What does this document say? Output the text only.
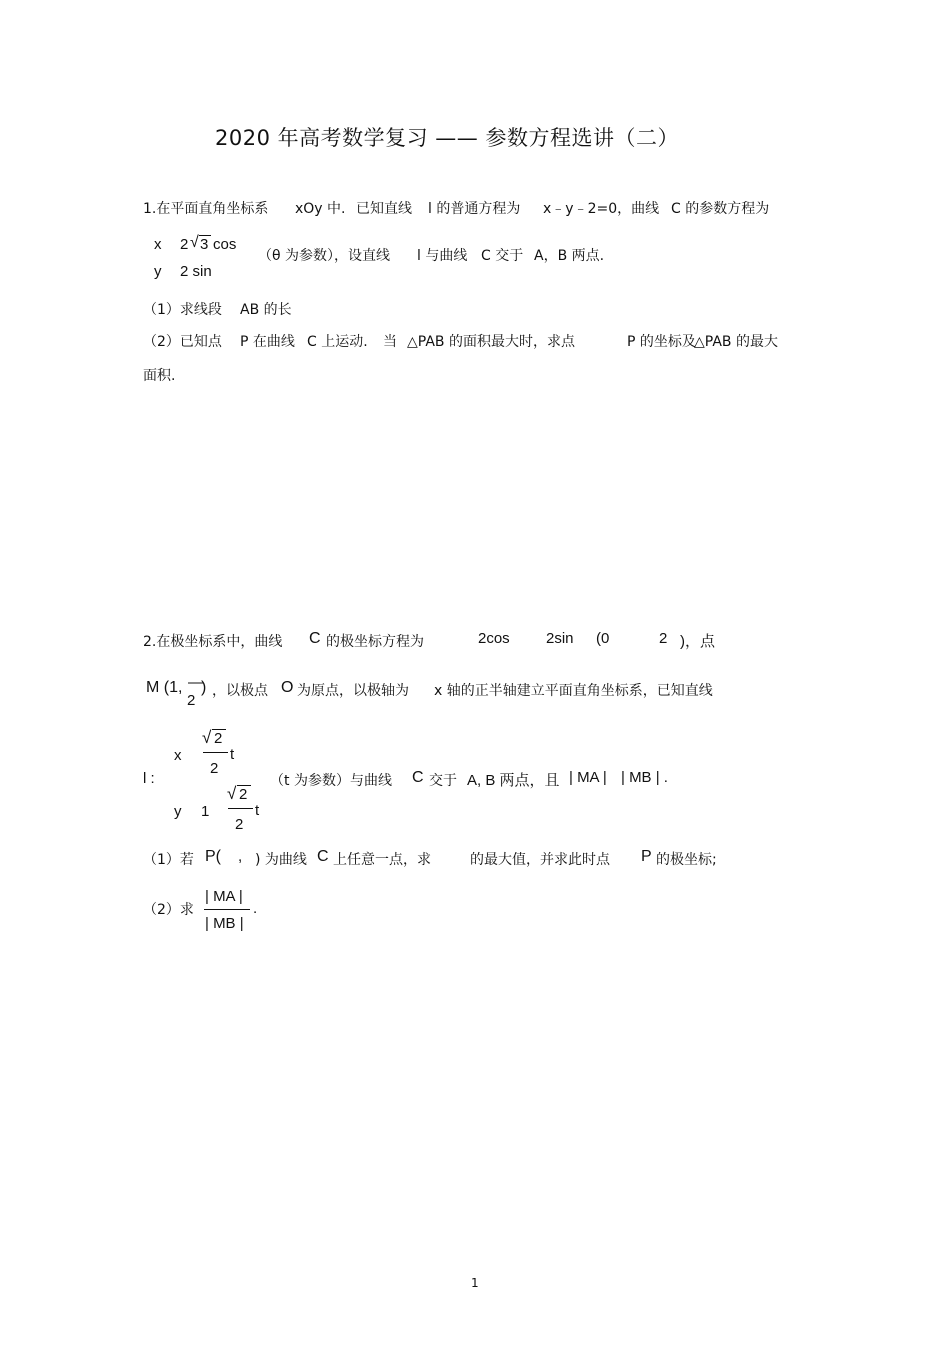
2020 年高考数学复习 —— 参数方程选讲（二）
1.在平面直角坐标系 xOy 中. 已知直线 l 的普通方程为 x﹣y﹣2=0，曲线 C 的参数方程为
x 2 √ 3 cos
y 2 sin
（θ 为参数），设直线 l 与曲线 C 交于 A，B 两点.
（1）求线段 AB 的长
（2）已知点 P 在曲线 C 上运动. 当 △PAB 的面积最大时，求点	P 的坐标及
△PAB 的最大
面积.
2.在极坐标系中，曲线 C 的极坐标方程为	2cos 2sin (0	2 )，点
M (1, —
2
) ，以极点 O 为原点，以极轴为 x 轴的正半轴建立平面直角坐标系，已知直线
l :
x
√ 2
2
t
y 1
√ 2
2
t
（t 为参数）与曲线 C 交于 A, B 两点，且 | MA | | MB | .
（1）若 P( , ) 为曲线 C 上任意一点，求	的最大值，并求此时点 P 的极坐标;
（2）求
| MA |
| MB |
.
1
